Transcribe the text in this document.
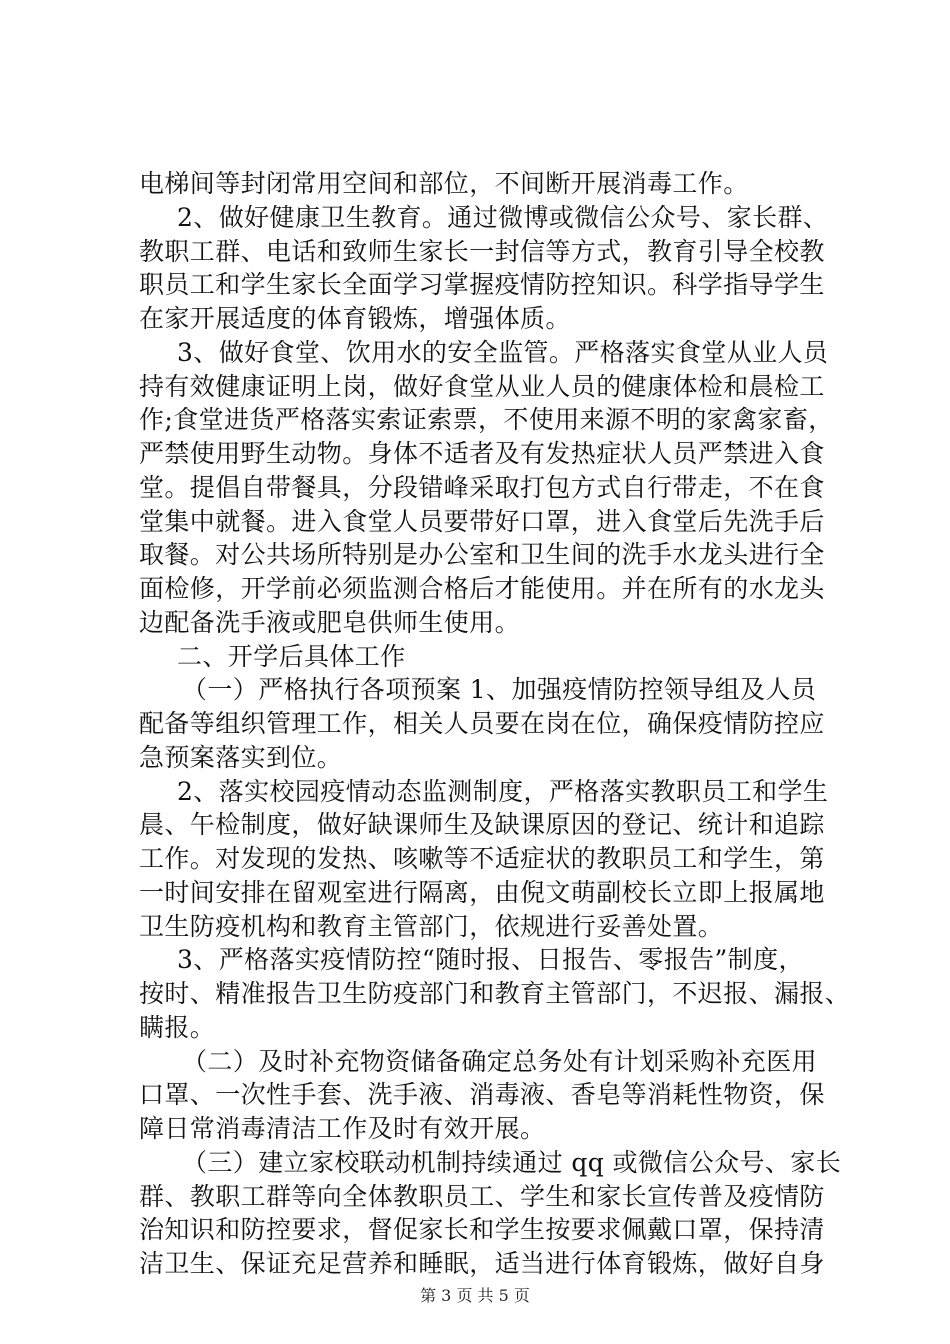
电梯间等封闭常用空间和部位，不间断开展消毒工作。
2、做好健康卫生教育。通过微博或微信公众号、家长群、
教职工群、电话和致师生家长一封信等方式，教育引导全校教
职员工和学生家长全面学习掌握疫情防控知识。科学指导学生
在家开展适度的体育锻炼，增强体质。
3、做好食堂、饮用水的安全监管。严格落实食堂从业人员
持有效健康证明上岗，做好食堂从业人员的健康体检和晨检工
作;食堂进货严格落实索证索票，不使用来源不明的家禽家畜，
严禁使用野生动物。身体不适者及有发热症状人员严禁进入食
堂。提倡自带餐具，分段错峰采取打包方式自行带走，不在食
堂集中就餐。进入食堂人员要带好口罩，进入食堂后先洗手后
取餐。对公共场所特别是办公室和卫生间的洗手水龙头进行全
面检修，开学前必须监测合格后才能使用。并在所有的水龙头
边配备洗手液或肥皂供师生使用。
二、开学后具体工作
（一）严格执行各项预案 1、加强疫情防控领导组及人员
配备等组织管理工作，相关人员要在岗在位，确保疫情防控应
急预案落实到位。
2、落实校园疫情动态监测制度，严格落实教职员工和学生
晨、午检制度，做好缺课师生及缺课原因的登记、统计和追踪
工作。对发现的发热、咳嗽等不适症状的教职员工和学生，第
一时间安排在留观室进行隔离，由倪文萌副校长立即上报属地
卫生防疫机构和教育主管部门，依规进行妥善处置。
3、严格落实疫情防控“随时报、日报告、零报告”制度，
按时、精准报告卫生防疫部门和教育主管部门，不迟报、漏报、
瞒报。
（二）及时补充物资储备确定总务处有计划采购补充医用
口罩、一次性手套、洗手液、消毒液、香皂等消耗性物资，保
障日常消毒清洁工作及时有效开展。
（三）建立家校联动机制持续通过 qq 或微信公众号、家长
群、教职工群等向全体教职员工、学生和家长宣传普及疫情防
治知识和防控要求，督促家长和学生按要求佩戴口罩，保持清
洁卫生、保证充足营养和睡眠，适当进行体育锻炼，做好自身
第 3 页 共 5 页
